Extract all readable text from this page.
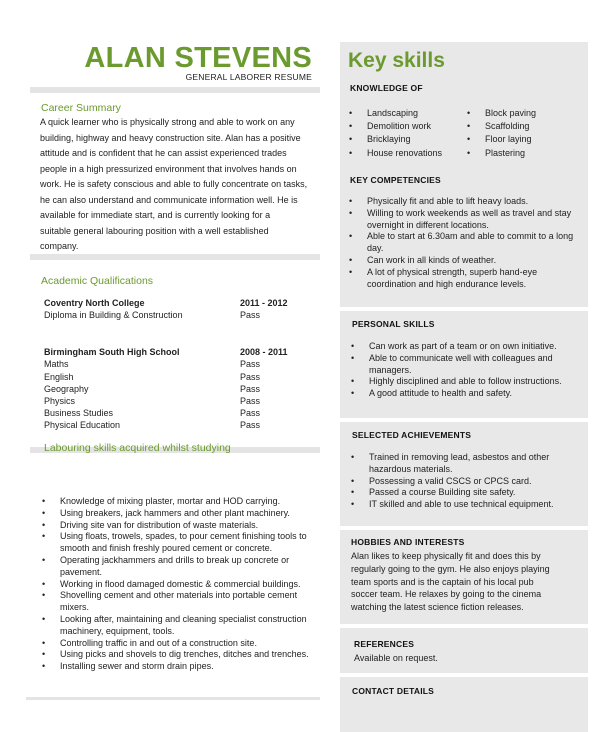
ALAN STEVENS
GENERAL LABORER RESUME
Career Summary
A quick learner who is physically strong and able to work on any
building, highway and heavy construction site. Alan has a positive
attitude and is confident that he can assist experienced trades
people in a high pressurized environment that involves hands on
work. He is safety conscious and able to fully concentrate on tasks,
he can also understand and communicate information well. He is
available for immediate start, and is currently looking for a
suitable general labouring position with a well established
company.
Academic Qualifications
Coventry North College	2011 - 2012
Diploma in Building & Construction	Pass
Birmingham South High School	2008 - 2011
Maths	Pass
English	Pass
Geography	Pass
Physics	Pass
Business Studies	Pass
Physical Education	Pass
Labouring skills acquired whilst studying
• Knowledge of mixing plaster, mortar and HOD carrying.
• Using breakers, jack hammers and other plant machinery.
• Driving site van for distribution of waste materials.
• Using floats, trowels, spades, to pour cement finishing tools to smooth and finish freshly poured cement or concrete.
• Operating jackhammers and drills to break up concrete or pavement.
• Working in flood damaged domestic & commercial buildings.
• Shovelling cement and other materials into portable cement mixers.
• Looking after, maintaining and cleaning specialist construction machinery, equipment, tools.
• Controlling traffic in and out of a construction site.
• Using picks and shovels to dig trenches, ditches and trenches.
• Installing sewer and storm drain pipes.
Key skills
KNOWLEDGE OF
• Landscaping
• Demolition work
• Bricklaying
• House renovations
• Block paving
• Scaffolding
• Floor laying
• Plastering
KEY COMPETENCIES
• Physically fit and able to lift heavy loads.
• Willing to work weekends as well as travel and stay overnight in different locations.
• Able to start at 6.30am and able to commit to a long day.
• Can work in all kinds of weather.
• A lot of physical strength, superb hand-eye coordination and high endurance levels.
PERSONAL SKILLS
• Can work as part of a team or on own initiative.
• Able to communicate well with colleagues and managers.
• Highly disciplined and able to follow instructions.
• A good attitude to health and safety.
SELECTED ACHIEVEMENTS
• Trained in removing lead, asbestos and other hazardous materials.
• Possessing a valid CSCS or CPCS card.
• Passed a course Building site safety.
• IT skilled and able to use technical equipment.
HOBBIES AND INTERESTS
Alan likes to keep physically fit and does this by
regularly going to the gym. He also enjoys playing
team sports and is the captain of his local pub
soccer team. He relaxes by going to the cinema
watching the latest science fiction releases.
REFERENCES
Available on request.
CONTACT DETAILS
